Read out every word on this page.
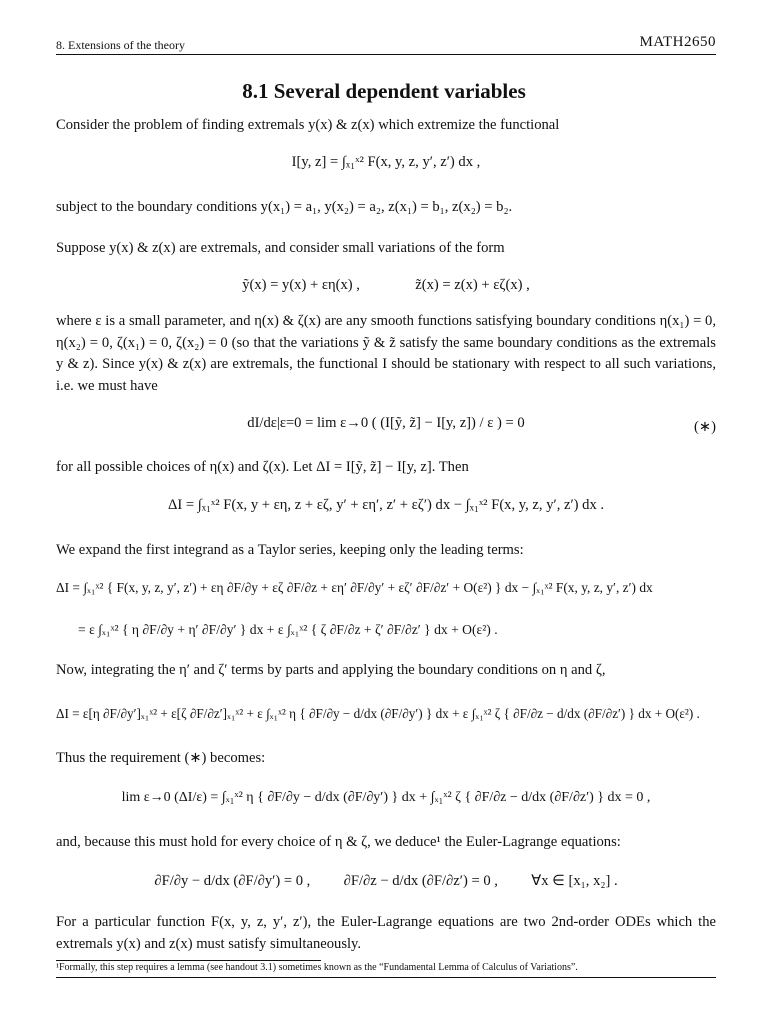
8. Extensions of the theory	MATH2650
8.1 Several dependent variables
Consider the problem of finding extremals y(x) & z(x) which extremize the functional
I[y, z] = ∫ₓ₁ˣ² F(x, y, z, y′, z′) dx ,
subject to the boundary conditions y(x₁) = a₁, y(x₂) = a₂, z(x₁) = b₁, z(x₂) = b₂.
Suppose y(x) & z(x) are extremals, and consider small variations of the form
ỹ(x) = y(x) + εη(x) ,	z̃(x) = z(x) + εζ(x) ,
where ε is a small parameter, and η(x) & ζ(x) are any smooth functions satisfying boundary conditions η(x₁) = 0, η(x₂) = 0, ζ(x₁) = 0, ζ(x₂) = 0 (so that the variations ỹ & z̃ satisfy the same boundary conditions as the extremals y & z). Since y(x) & z(x) are extremals, the functional I should be stationary with respect to all such variations, i.e. we must have
dI/dε|ε=0 = lim ε→0 ( (I[ỹ, z̃] − I[y, z]) / ε ) = 0	(∗)
for all possible choices of η(x) and ζ(x). Let ΔI = I[ỹ, z̃] − I[y, z]. Then
ΔI = ∫ₓ₁ˣ² F(x, y + εη, z + εζ, y′ + εη′, z′ + εζ′) dx − ∫ₓ₁ˣ² F(x, y, z, y′, z′) dx .
We expand the first integrand as a Taylor series, keeping only the leading terms:
ΔI = ∫ₓ₁ˣ² { F(x, y, z, y′, z′) + εη ∂F/∂y + εζ ∂F/∂z + εη′ ∂F/∂y′ + εζ′ ∂F/∂z′ + O(ε²) } dx − ∫ₓ₁ˣ² F(x, y, z, y′, z′) dx
= ε ∫ₓ₁ˣ² { η ∂F/∂y + η′ ∂F/∂y′ } dx + ε ∫ₓ₁ˣ² { ζ ∂F/∂z + ζ′ ∂F/∂z′ } dx + O(ε²) .
Now, integrating the η′ and ζ′ terms by parts and applying the boundary conditions on η and ζ,
ΔI = ε[η ∂F/∂y′]ₓ₁ˣ² + ε[ζ ∂F/∂z′]ₓ₁ˣ² + ε ∫ₓ₁ˣ² η { ∂F/∂y − d/dx (∂F/∂y′) } dx + ε ∫ₓ₁ˣ² ζ { ∂F/∂z − d/dx (∂F/∂z′) } dx + O(ε²) .
Thus the requirement (∗) becomes:
lim ε→0 (ΔI/ε) = ∫ₓ₁ˣ² η { ∂F/∂y − d/dx (∂F/∂y′) } dx + ∫ₓ₁ˣ² ζ { ∂F/∂z − d/dx (∂F/∂z′) } dx = 0 ,
and, because this must hold for every choice of η & ζ, we deduce¹ the Euler-Lagrange equations:
∂F/∂y − d/dx (∂F/∂y′) = 0 , ∂F/∂z − d/dx (∂F/∂z′) = 0 , ∀x ∈ [x₁, x₂] .
For a particular function F(x, y, z, y′, z′), the Euler-Lagrange equations are two 2nd-order ODEs which the extremals y(x) and z(x) must satisfy simultaneously.
¹Formally, this step requires a lemma (see handout 3.1) sometimes known as the “Fundamental Lemma of Calculus of Variations”.
